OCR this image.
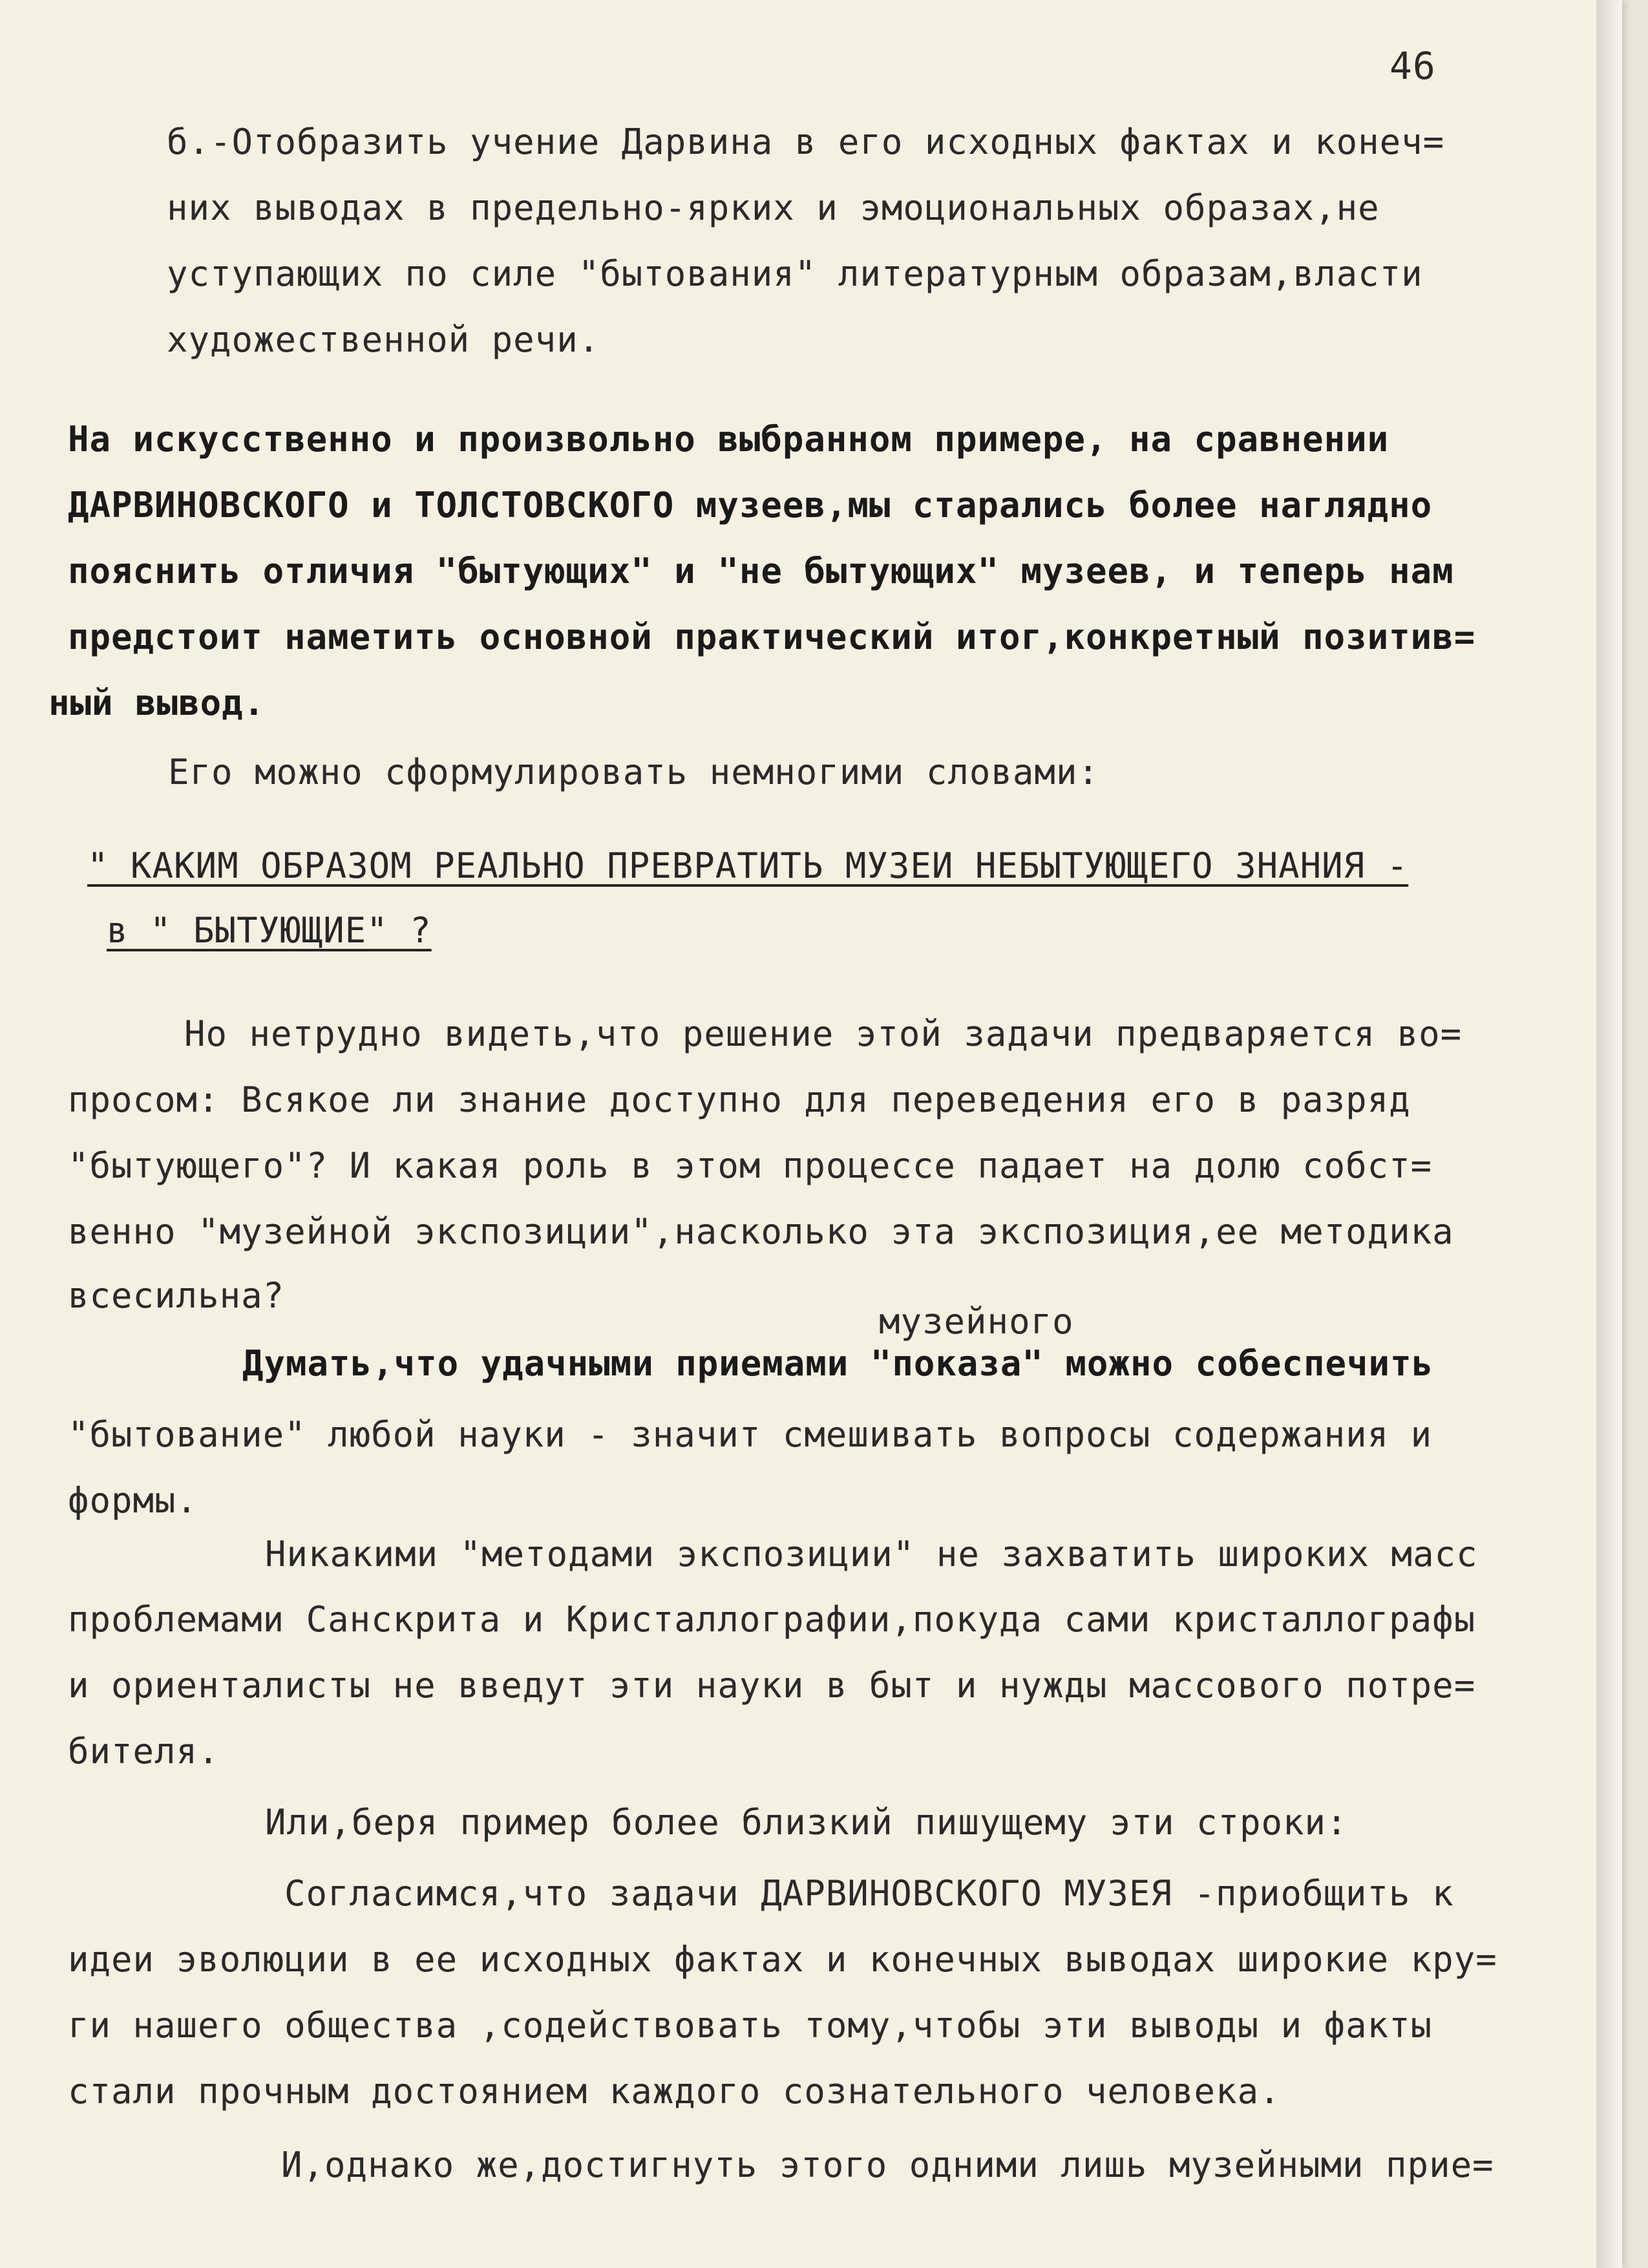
46
б.-Отобразить учение Дарвина в его исходных фактах и конеч=
них выводах в предельно-ярких и эмоциональных образах,не
уступающих по силе "бытования" литературным образам,власти
художественной речи.
На искусственно и произвольно выбранном примере, на сравнении
ДАРВИНОВСКОГО и ТОЛСТОВСКОГО музеев,мы старались более наглядно
пояснить отличия "бытующих" и "не бытующих" музеев, и теперь нам
предстоит наметить основной практический итог,конкретный позитив=
ный вывод.
Его можно сформулировать немногими словами:
" КАКИМ ОБРАЗОМ РЕАЛЬНО ПРЕВРАТИТЬ МУЗЕИ НЕБЫТУЮЩЕГО ЗНАНИЯ -
в " БЫТУЮЩИЕ" ?
Но нетрудно видеть,что решение этой задачи предваряется во=
просом: Всякое ли знание доступно для переведения его в разряд
"бытующего"? И какая роль в этом процессе падает на долю собст=
венно "музейной экспозиции",насколько эта экспозиция,ее методика
всесильна?
музейного
Думать,что удачными приемами "показа" можно собеспечить
"бытование" любой науки - значит смешивать вопросы содержания и
формы.
Никакими "методами экспозиции" не захватить широких масс
проблемами Санскрита и Кристаллографии,покуда сами кристаллографы
и ориенталисты не введут эти науки в быт и нужды массового потре=
бителя.
Или,беря пример более близкий пишущему эти строки:
Согласимся,что задачи ДАРВИНОВСКОГО МУЗЕЯ -приобщить к
идеи эволюции в ее исходных фактах и конечных выводах широкие кру=
ги нашего общества ,содействовать тому,чтобы эти выводы и факты
стали прочным достоянием каждого сознательного человека.
И,однако же,достигнуть этого одними лишь музейными прие=
